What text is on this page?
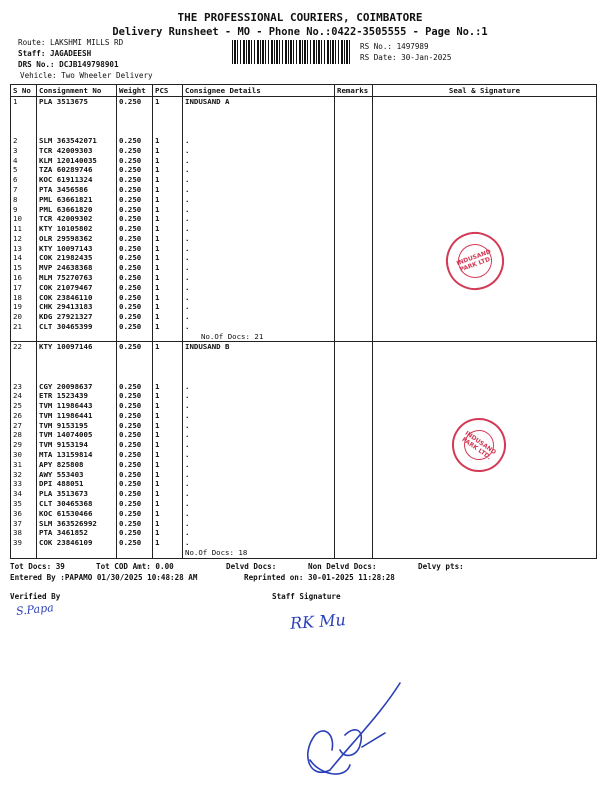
THE PROFESSIONAL COURIERS, COIMBATORE
Delivery Runsheet - MO - Phone No.:0422-3505555 - Page No.:1
Route: LAKSHMI MILLS RD
Staff: JAGADEESH
DRS No.: DCJB149798901
Vehicle: Two Wheeler Delivery
RS No.: 1497989
RS Date: 30-Jan-2025
S No	Consignment No	Weight	PCS	Consignee Details	Remarks	Seal & Signature
1	PLA 3513675	0.250	1	INDUSAND A		

2	SLM 363542071	0.250	1	.		
3	TCR 42009303	0.250	1	.		
4	KLM 120140035	0.250	1	.		
5	TZA 60289746	0.250	1	.		
6	KOC 61911324	0.250	1	.		
7	PTA 3456586	0.250	1	.		
8	PML 63661821	0.250	1	.		
9	PML 63661820	0.250	1	.		
10	TCR 42009302	0.250	1	.		
11	KTY 10105802	0.250	1	.		
12	OLR 29598362	0.250	1	.		
13	KTY 10097143	0.250	1	.		
14	COK 21982435	0.250	1	.		
15	MVP 24638368	0.250	1	.		
16	MLM 75270763	0.250	1	.		
17	COK 21079467	0.250	1	.		
18	COK 23846110	0.250	1	.		
19	CHK 29413183	0.250	1	.		
20	KDG 27921327	0.250	1	.		
21	CLT 30465399	0.250	1	.		
				No.Of Docs: 21		
22	KTY 10097146	0.250	1	INDUSAND B		

23	CGY 20098637	0.250	1	.		
24	ETR 1523439	0.250	1	.		
25	TVM 11986443	0.250	1	.		
26	TVM 11986441	0.250	1	.		
27	TVM 9153195	0.250	1	.		
28	TVM 14074005	0.250	1	.		
29	TVM 9153194	0.250	1	.		
30	MTA 13159814	0.250	1	.		
31	APY 825808	0.250	1	.		
32	AWY 553403	0.250	1	.		
33	DPI 488051	0.250	1	.		
34	PLA 3513673	0.250	1	.		
35	CLT 30465368	0.250	1	.		
36	KOC 61530466	0.250	1	.		
37	SLM 363526992	0.250	1	.		
38	PTA 3461852	0.250	1	.		
39	COK 23846109	0.250	1	.		
				No.Of Docs: 18		
Tot Docs: 39	Tot COD Amt: 0.00	Delvd Docs:	Non Delvd Docs:	Delvy pts:
Entered By :PAPAMO 01/30/2025 10:48:28 AM	Reprinted on: 30-01-2025 11:28:28
Verified By	Staff Signature
S.Papa
RK Mu
INDUSAND PARK LTD.
INDUSAND PARK LTD.
